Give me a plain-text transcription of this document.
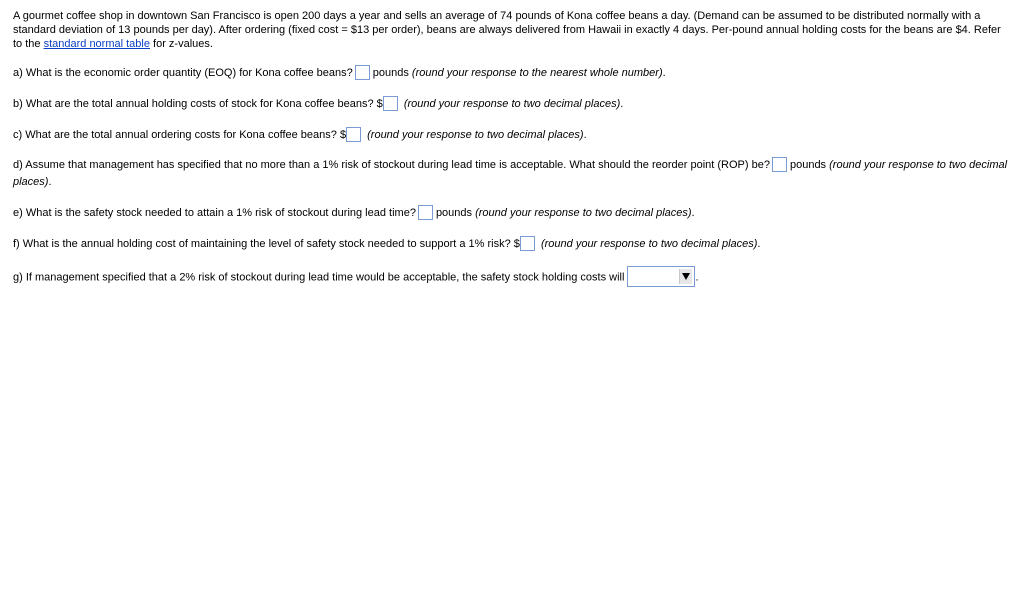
A gourmet coffee shop in downtown San Francisco is open 200 days a year and sells an average of 74 pounds of Kona coffee beans a day. (Demand can be assumed to be distributed normally with a standard deviation of 13 pounds per day). After ordering (fixed cost = $13 per order), beans are always delivered from Hawaii in exactly 4 days. Per-pound annual holding costs for the beans are $4. Refer to the standard normal table for z-values.
a) What is the economic order quantity (EOQ) for Kona coffee beans? pounds (round your response to the nearest whole number).
b) What are the total annual holding costs of stock for Kona coffee beans? $ (round your response to two decimal places).
c) What are the total annual ordering costs for Kona coffee beans? $ (round your response to two decimal places).
d) Assume that management has specified that no more than a 1% risk of stockout during lead time is acceptable. What should the reorder point (ROP) be? pounds (round your response to two decimal places).
e) What is the safety stock needed to attain a 1% risk of stockout during lead time? pounds (round your response to two decimal places).
f) What is the annual holding cost of maintaining the level of safety stock needed to support a 1% risk? $ (round your response to two decimal places).
g) If management specified that a 2% risk of stockout during lead time would be acceptable, the safety stock holding costs will	.
